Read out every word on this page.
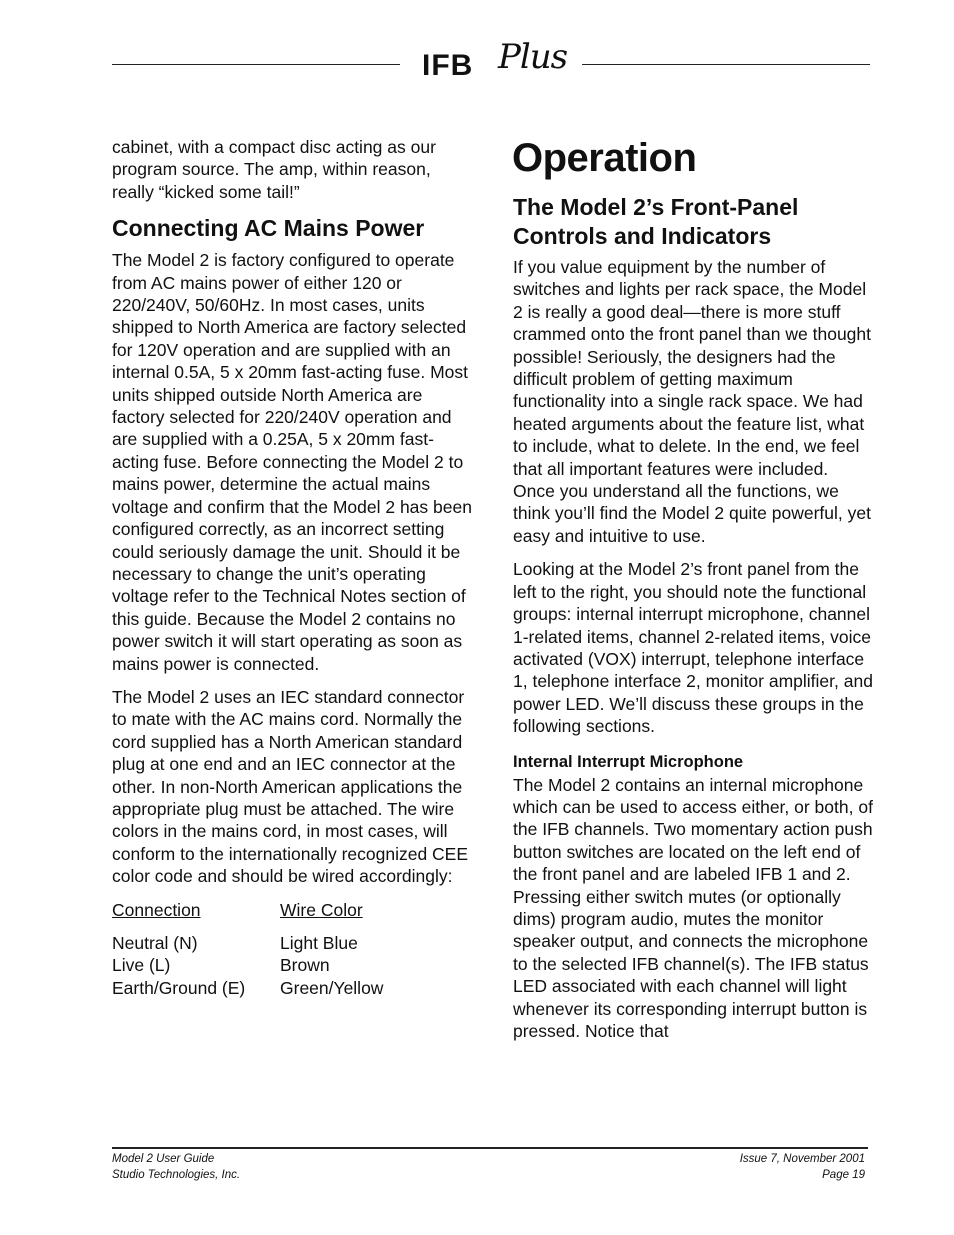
IFB Plus

cabinet, with a compact disc acting as our program source. The amp, within reason, really “kicked some tail!”

Connecting AC Mains Power

The Model 2 is factory configured to operate from AC mains power of either 120 or 220/240V, 50/60Hz. In most cases, units shipped to North America are factory selected for 120V operation and are supplied with an internal 0.5A, 5 x 20mm fast-acting fuse. Most units shipped outside North America are factory selected for 220/240V operation and are supplied with a 0.25A, 5 x 20mm fast-acting fuse. Before connecting the Model 2 to mains power, determine the actual mains voltage and confirm that the Model 2 has been configured correctly, as an incorrect setting could seriously damage the unit. Should it be necessary to change the unit’s operating voltage refer to the Technical Notes section of this guide. Because the Model 2 contains no power switch it will start operating as soon as mains power is connected.

The Model 2 uses an IEC standard connector to mate with the AC mains cord. Normally the cord supplied has a North American standard plug at one end and an IEC connector at the other. In non-North American applications the appropriate plug must be attached. The wire colors in the mains cord, in most cases, will conform to the internationally recognized CEE color code and should be wired accordingly:

Connection	Wire Color
Neutral (N)	Light Blue
Live (L)	Brown
Earth/Ground (E)	Green/Yellow
Operation
The Model 2’s Front-Panel Controls and Indicators

If you value equipment by the number of switches and lights per rack space, the Model 2 is really a good deal—there is more stuff crammed onto the front panel than we thought possible! Seriously, the designers had the difficult problem of getting maximum functionality into a single rack space. We had heated arguments about the feature list, what to include, what to delete. In the end, we feel that all important features were included. Once you understand all the functions, we think you’ll find the Model 2 quite powerful, yet easy and intuitive to use.

Looking at the Model 2’s front panel from the left to the right, you should note the functional groups: internal interrupt microphone, channel 1-related items, channel 2-related items, voice activated (VOX) interrupt, telephone interface 1, telephone interface 2, monitor amplifier, and power LED. We’ll discuss these groups in the following sections.

Internal Interrupt Microphone

The Model 2 contains an internal microphone which can be used to access either, or both, of the IFB channels. Two momentary action push button switches are located on the left end of the front panel and are labeled IFB 1 and 2. Pressing either switch mutes (or optionally dims) program audio, mutes the monitor speaker output, and connects the microphone to the selected IFB channel(s). The IFB status LED associated with each channel will light whenever its corresponding interrupt button is pressed. Notice that

Model 2 User Guide
Studio Technologies, Inc.
Issue 7, November 2001
Page 19
